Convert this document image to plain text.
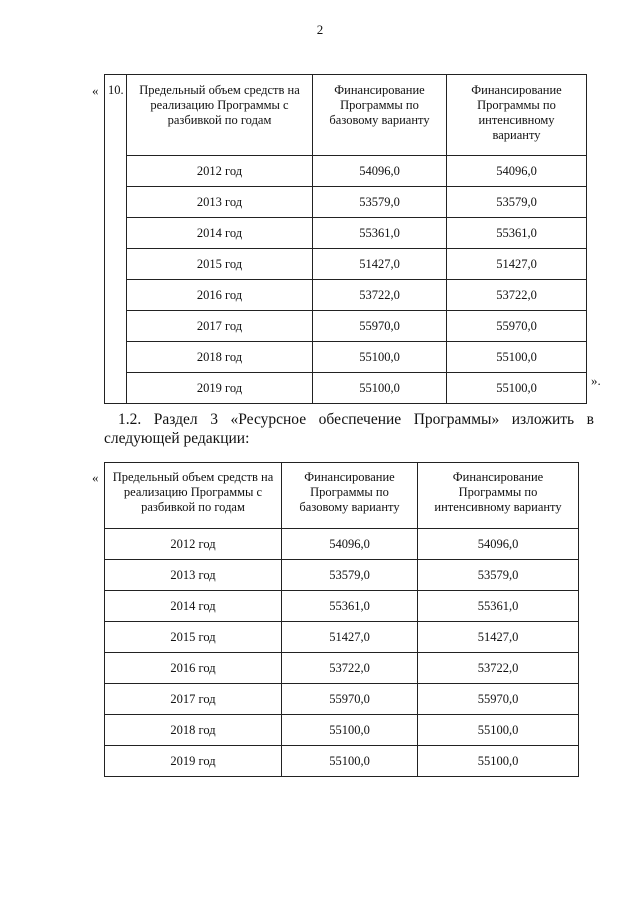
2
« 10.	Предельный объем средств на реализацию Программы с разбивкой по годам	Финансирование Программы по базовому варианту	Финансирование Программы по интенсивному варианту
	2012 год	54096,0	54096,0
	2013 год	53579,0	53579,0
	2014 год	55361,0	55361,0
	2015 год	51427,0	51427,0
	2016 год	53722,0	53722,0
	2017 год	55970,0	55970,0
	2018 год	55100,0	55100,0
	2019 год	55100,0	55100,0	».
1.2. Раздел 3 «Ресурсное обеспечение Программы» изложить в
следующей редакции:
« Предельный объем средств на реализацию Программы с разбивкой по годам	Финансирование Программы по базовому варианту	Финансирование Программы по интенсивному варианту
2012 год	54096,0	54096,0
2013 год	53579,0	53579,0
2014 год	55361,0	55361,0
2015 год	51427,0	51427,0
2016 год	53722,0	53722,0
2017 год	55970,0	55970,0
2018 год	55100,0	55100,0
2019 год	55100,0	55100,0
